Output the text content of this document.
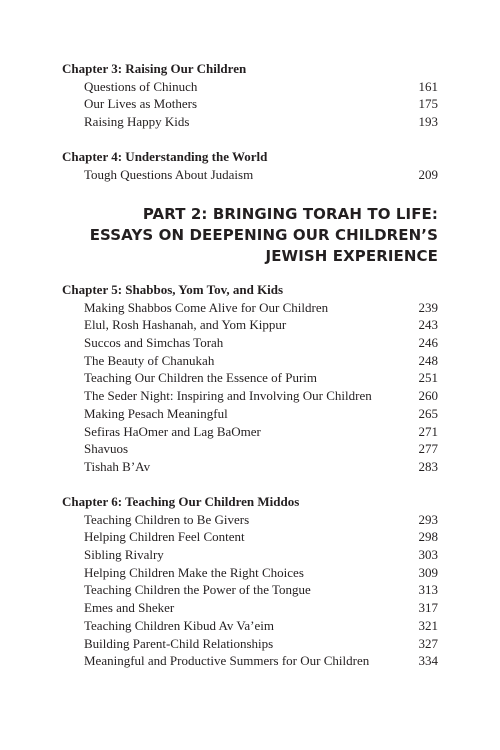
Chapter 3: Raising Our Children
Questions of Chinuch	161
Our Lives as Mothers	175
Raising Happy Kids	193
Chapter 4: Understanding the World
Tough Questions About Judaism	209
PART 2: BRINGING TORAH TO LIFE:
ESSAYS ON DEEPENING OUR CHILDREN’S
JEWISH EXPERIENCE
Chapter 5: Shabbos, Yom Tov, and Kids
Making Shabbos Come Alive for Our Children	239
Elul, Rosh Hashanah, and Yom Kippur	243
Succos and Simchas Torah	246
The Beauty of Chanukah	248
Teaching Our Children the Essence of Purim	251
The Seder Night: Inspiring and Involving Our Children	260
Making Pesach Meaningful	265
Sefiras HaOmer and Lag BaOmer	271
Shavuos	277
Tishah B’Av	283
Chapter 6: Teaching Our Children Middos
Teaching Children to Be Givers	293
Helping Children Feel Content	298
Sibling Rivalry	303
Helping Children Make the Right Choices	309
Teaching Children the Power of the Tongue	313
Emes and Sheker	317
Teaching Children Kibud Av Va’eim	321
Building Parent-Child Relationships	327
Meaningful and Productive Summers for Our Children	334
